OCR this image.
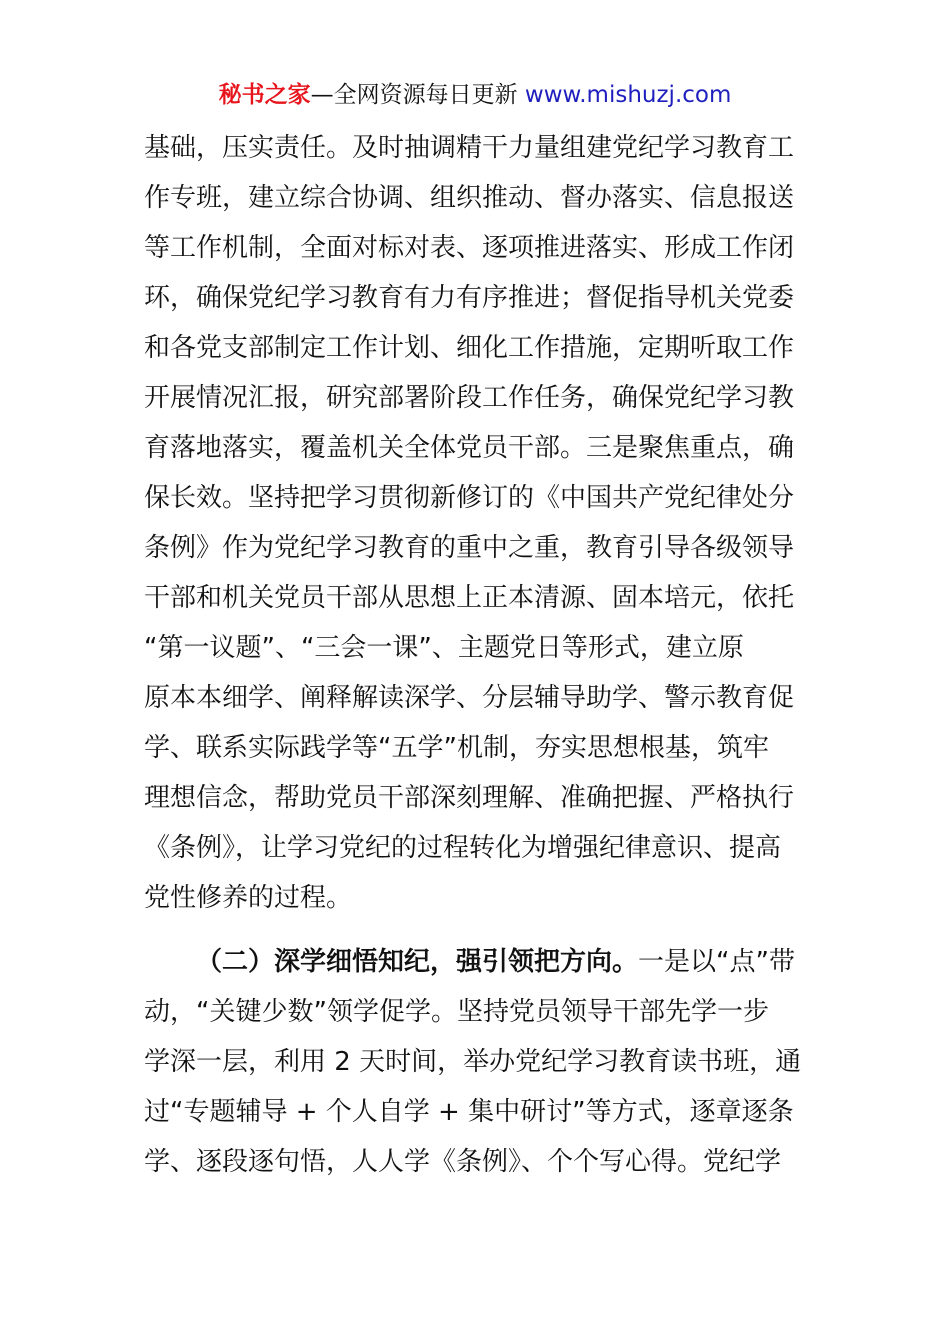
秘书之家—全网资源每日更新 www.mishuzj.com
基础，压实责任。及时抽调精干力量组建党纪学习教育工
作专班，建立综合协调、组织推动、督办落实、信息报送
等工作机制，全面对标对表、逐项推进落实、形成工作闭
环，确保党纪学习教育有力有序推进；督促指导机关党委
和各党支部制定工作计划、细化工作措施，定期听取工作
开展情况汇报，研究部署阶段工作任务，确保党纪学习教
育落地落实，覆盖机关全体党员干部。三是聚焦重点，确
保长效。坚持把学习贯彻新修订的《中国共产党纪律处分
条例》作为党纪学习教育的重中之重，教育引导各级领导
干部和机关党员干部从思想上正本清源、固本培元，依托
“第一议题”、“三会一课”、主题党日等形式，建立原
原本本细学、阐释解读深学、分层辅导助学、警示教育促
学、联系实际践学等“五学”机制，夯实思想根基，筑牢
理想信念，帮助党员干部深刻理解、准确把握、严格执行
《条例》，让学习党纪的过程转化为增强纪律意识、提高
党性修养的过程。
（二）深学细悟知纪，强引领把方向。一是以“点”带
动，“关键少数”领学促学。坚持党员领导干部先学一步
学深一层，利用 2 天时间，举办党纪学习教育读书班，通
过“专题辅导 + 个人自学 + 集中研讨”等方式，逐章逐条
学、逐段逐句悟，人人学《条例》、个个写心得。党纪学
